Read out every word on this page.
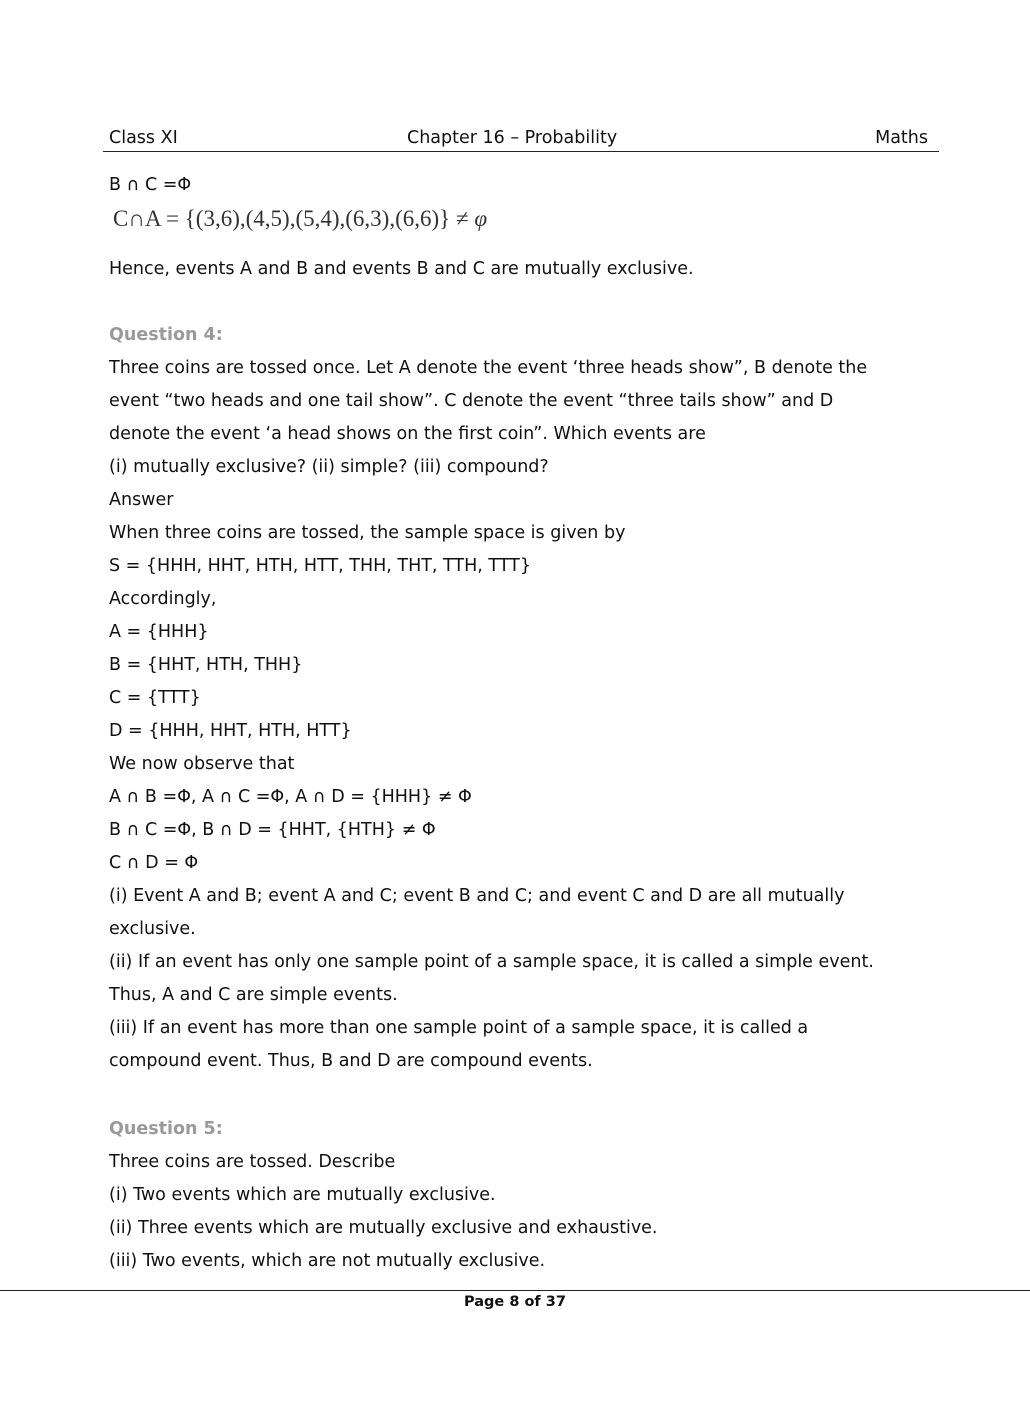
Class XI	Chapter 16 – Probability	Maths
B ∩ C =Φ
C∩A = {(3,6),(4,5),(5,4),(6,3),(6,6)} ≠ φ
Hence, events A and B and events B and C are mutually exclusive.
Question 4:
Three coins are tossed once. Let A denote the event ‘three heads show”, B denote the
event “two heads and one tail show”. C denote the event “three tails show” and D
denote the event ‘a head shows on the first coin”. Which events are
(i) mutually exclusive? (ii) simple? (iii) compound?
Answer
When three coins are tossed, the sample space is given by
S = {HHH, HHT, HTH, HTT, THH, THT, TTH, TTT}
Accordingly,
A = {HHH}
B = {HHT, HTH, THH}
C = {TTT}
D = {HHH, HHT, HTH, HTT}
We now observe that
A ∩ B =Φ, A ∩ C =Φ, A ∩ D = {HHH} ≠ Φ
B ∩ C =Φ, B ∩ D = {HHT, {HTH} ≠ Φ
C ∩ D = Φ
(i) Event A and B; event A and C; event B and C; and event C and D are all mutually
exclusive.
(ii) If an event has only one sample point of a sample space, it is called a simple event.
Thus, A and C are simple events.
(iii) If an event has more than one sample point of a sample space, it is called a
compound event. Thus, B and D are compound events.
Question 5:
Three coins are tossed. Describe
(i) Two events which are mutually exclusive.
(ii) Three events which are mutually exclusive and exhaustive.
(iii) Two events, which are not mutually exclusive.
Page 8 of 37
